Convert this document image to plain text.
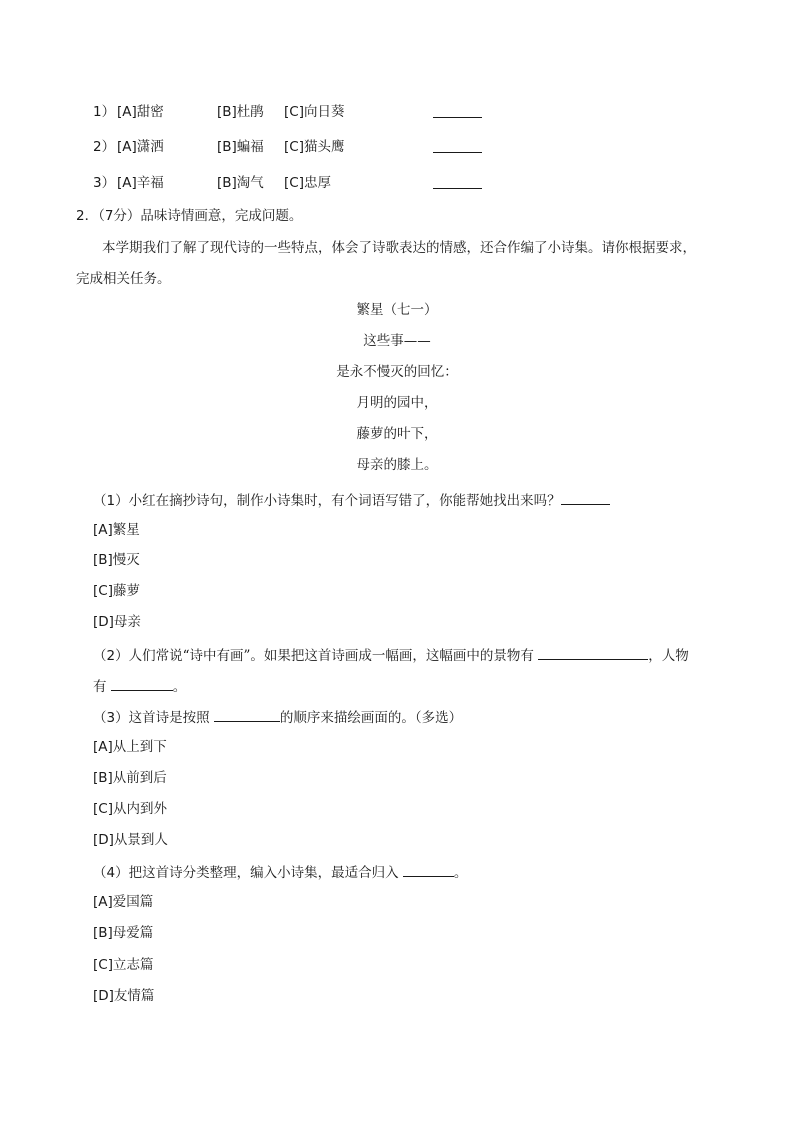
1） [A]甜密	[B]杜鹃 [C]向日葵
2） [A]潇洒	[B]蝙福 [C]猫头鹰
3） [A]辛福	[B]淘气 [C]忠厚
2．（7分）品味诗情画意，完成问题。
本学期我们了解了现代诗的一些特点，体会了诗歌表达的情感，还合作编了小诗集。请你根据要求，
完成相关任务。
繁星（七一）
这些事——
是永不慢灭的回忆：
月明的园中，
藤萝的叶下，
母亲的膝上。
（1）小红在摘抄诗句，制作小诗集时，有个词语写错了，你能帮她找出来吗？
[A]繁星
[B]慢灭
[C]藤萝
[D]母亲
（2）人们常说“诗中有画”。如果把这首诗画成一幅画，这幅画中的景物有	，人物
有	。
（3）这首诗是按照	的顺序来描绘画面的。（多选）
[A]从上到下
[B]从前到后
[C]从内到外
[D]从景到人
（4）把这首诗分类整理，编入小诗集，最适合归入	。
[A]爱国篇
[B]母爱篇
[C]立志篇
[D]友情篇
